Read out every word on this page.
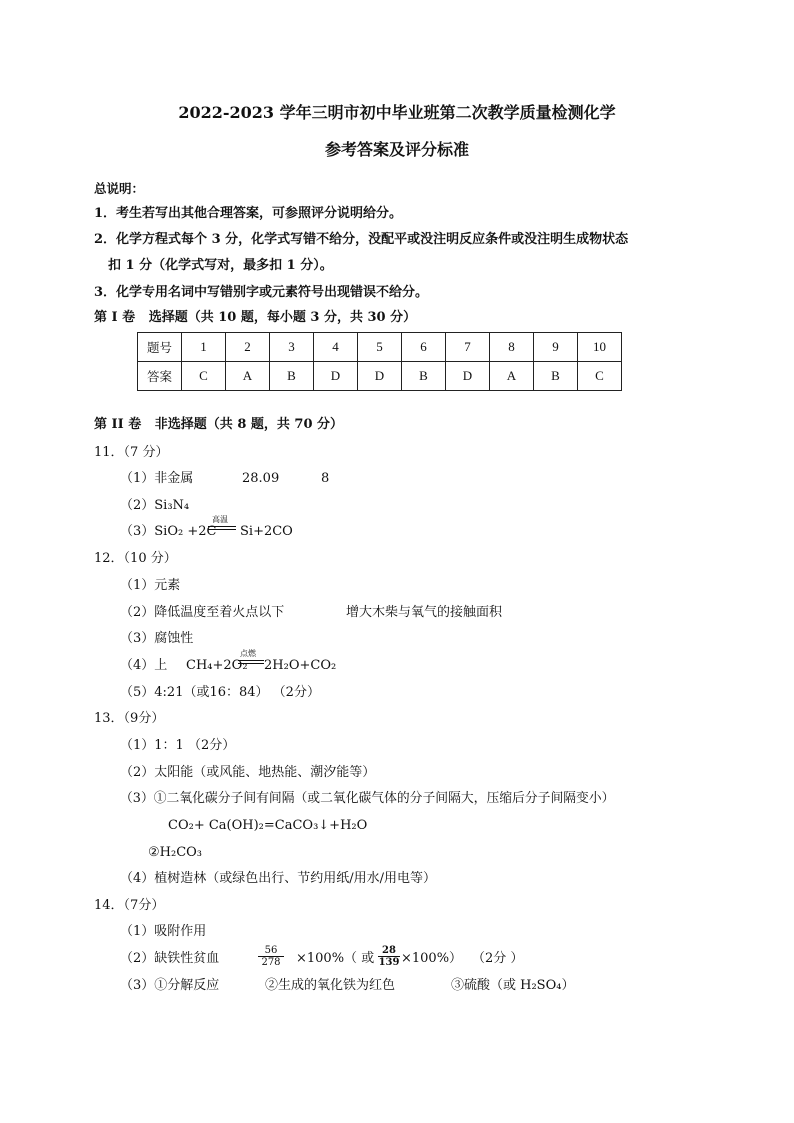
2022-2023 学年三明市初中毕业班第二次教学质量检测化学
参考答案及评分标准
总说明：
1．考生若写出其他合理答案，可参照评分说明给分。
2．化学方程式每个 3 分，化学式写错不给分，没配平或没注明反应条件或没注明生成物状态
扣 1 分（化学式写对，最多扣 1 分）。
3．化学专用名词中写错别字或元素符号出现错误不给分。
第 I 卷 选择题（共 10 题，每小题 3 分，共 30 分）
题号	1	2	3	4	5	6	7	8	9	10
答案	C	A	B	D	D	B	D	A	B	C
第 II 卷 非选择题（共 8 题，共 70 分）
11．（7 分）
（1）非金属	28.09	8
（2）Si₃N₄
（3）SiO₂ +2C
高温
Si+2CO
12．（10 分）
（1）元素
（2）降低温度至着火点以下	增大木柴与氧气的接触面积
（3）腐蚀性
（4）上 CH₄+2O₂
点燃
2H₂O+CO₂
（5）4:21（或16：84） （2分）
13．（9分）
（1）1：1 （2分）
（2）太阳能（或风能、地热能、潮汐能等）
（3）①二氧化碳分子间有间隔（或二氧化碳气体的分子间隔大，压缩后分子间隔变小）
CO₂+ Ca(OH)₂=CaCO₃↓+H₂O
②H₂CO₃
（4）植树造林（或绿色出行、节约用纸/用水/用电等）
14．（7分）
（1）吸附作用
（2）缺铁性贫血
56
278 ×100%（ 或
28
139 ×100%） （2分 ）
（3）①分解反应	②生成的氧化铁为红色	③硫酸（或 H₂SO₄）
